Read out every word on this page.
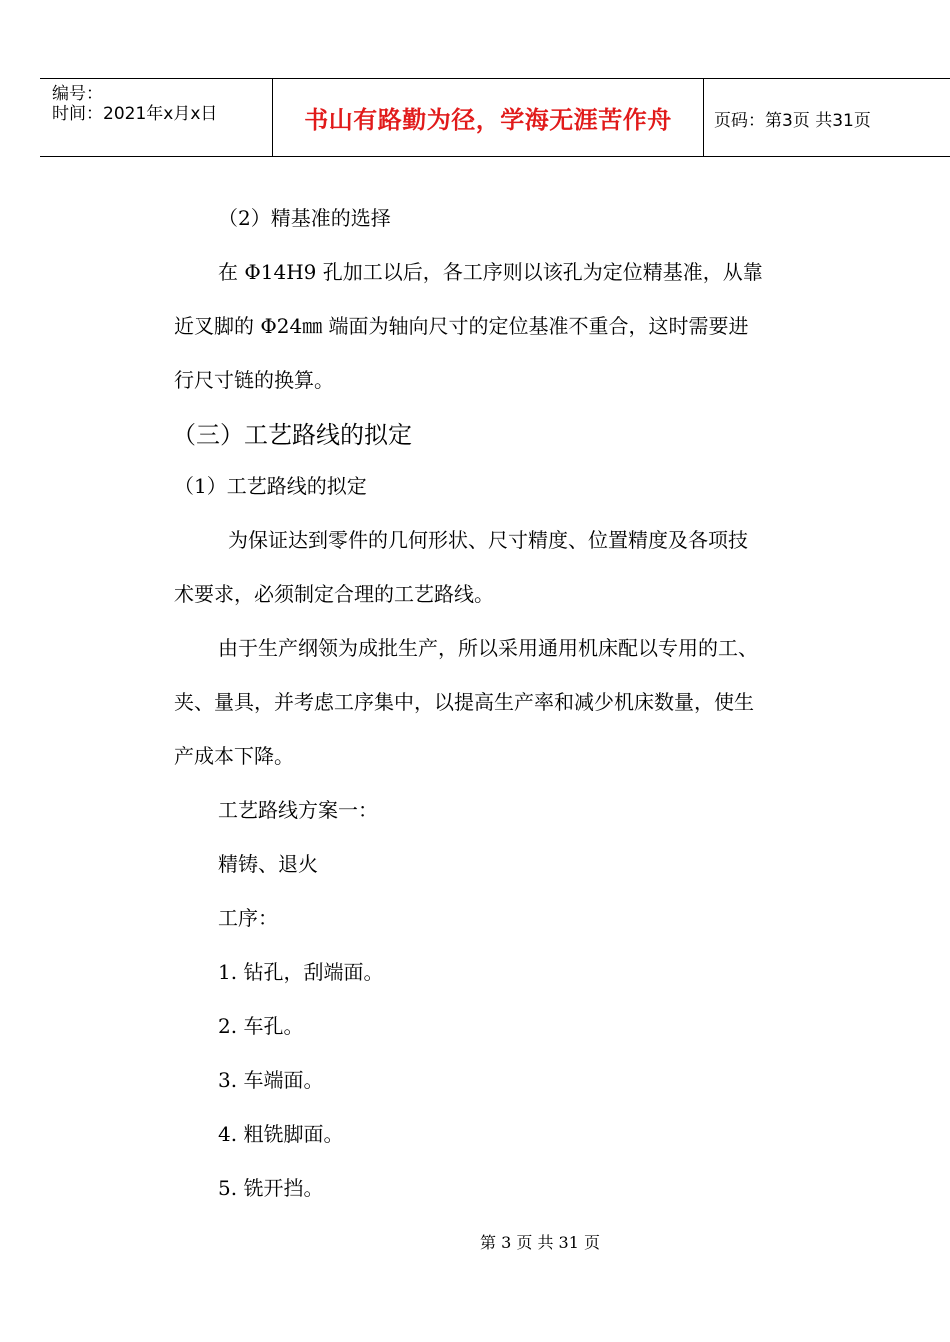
编号：
时间：2021年x月x日	书山有路勤为径，学海无涯苦作舟	页码：第3页 共31页
（2）精基准的选择
在 Φ14H9 孔加工以后，各工序则以该孔为定位精基准，从靠
近叉脚的 Φ24㎜ 端面为轴向尺寸的定位基准不重合，这时需要进
行尺寸链的换算。
（三）工艺路线的拟定
（1）工艺路线的拟定
为保证达到零件的几何形状、尺寸精度、位置精度及各项技
术要求，必须制定合理的工艺路线。
由于生产纲领为成批生产，所以采用通用机床配以专用的工、
夹、量具，并考虑工序集中，以提高生产率和减少机床数量，使生
产成本下降。
工艺路线方案一：
精铸、退火
工序：
1. 钻孔，刮端面。
2. 车孔。
3. 车端面。
4. 粗铣脚面。
5. 铣开挡。
第 3 页 共 31 页
